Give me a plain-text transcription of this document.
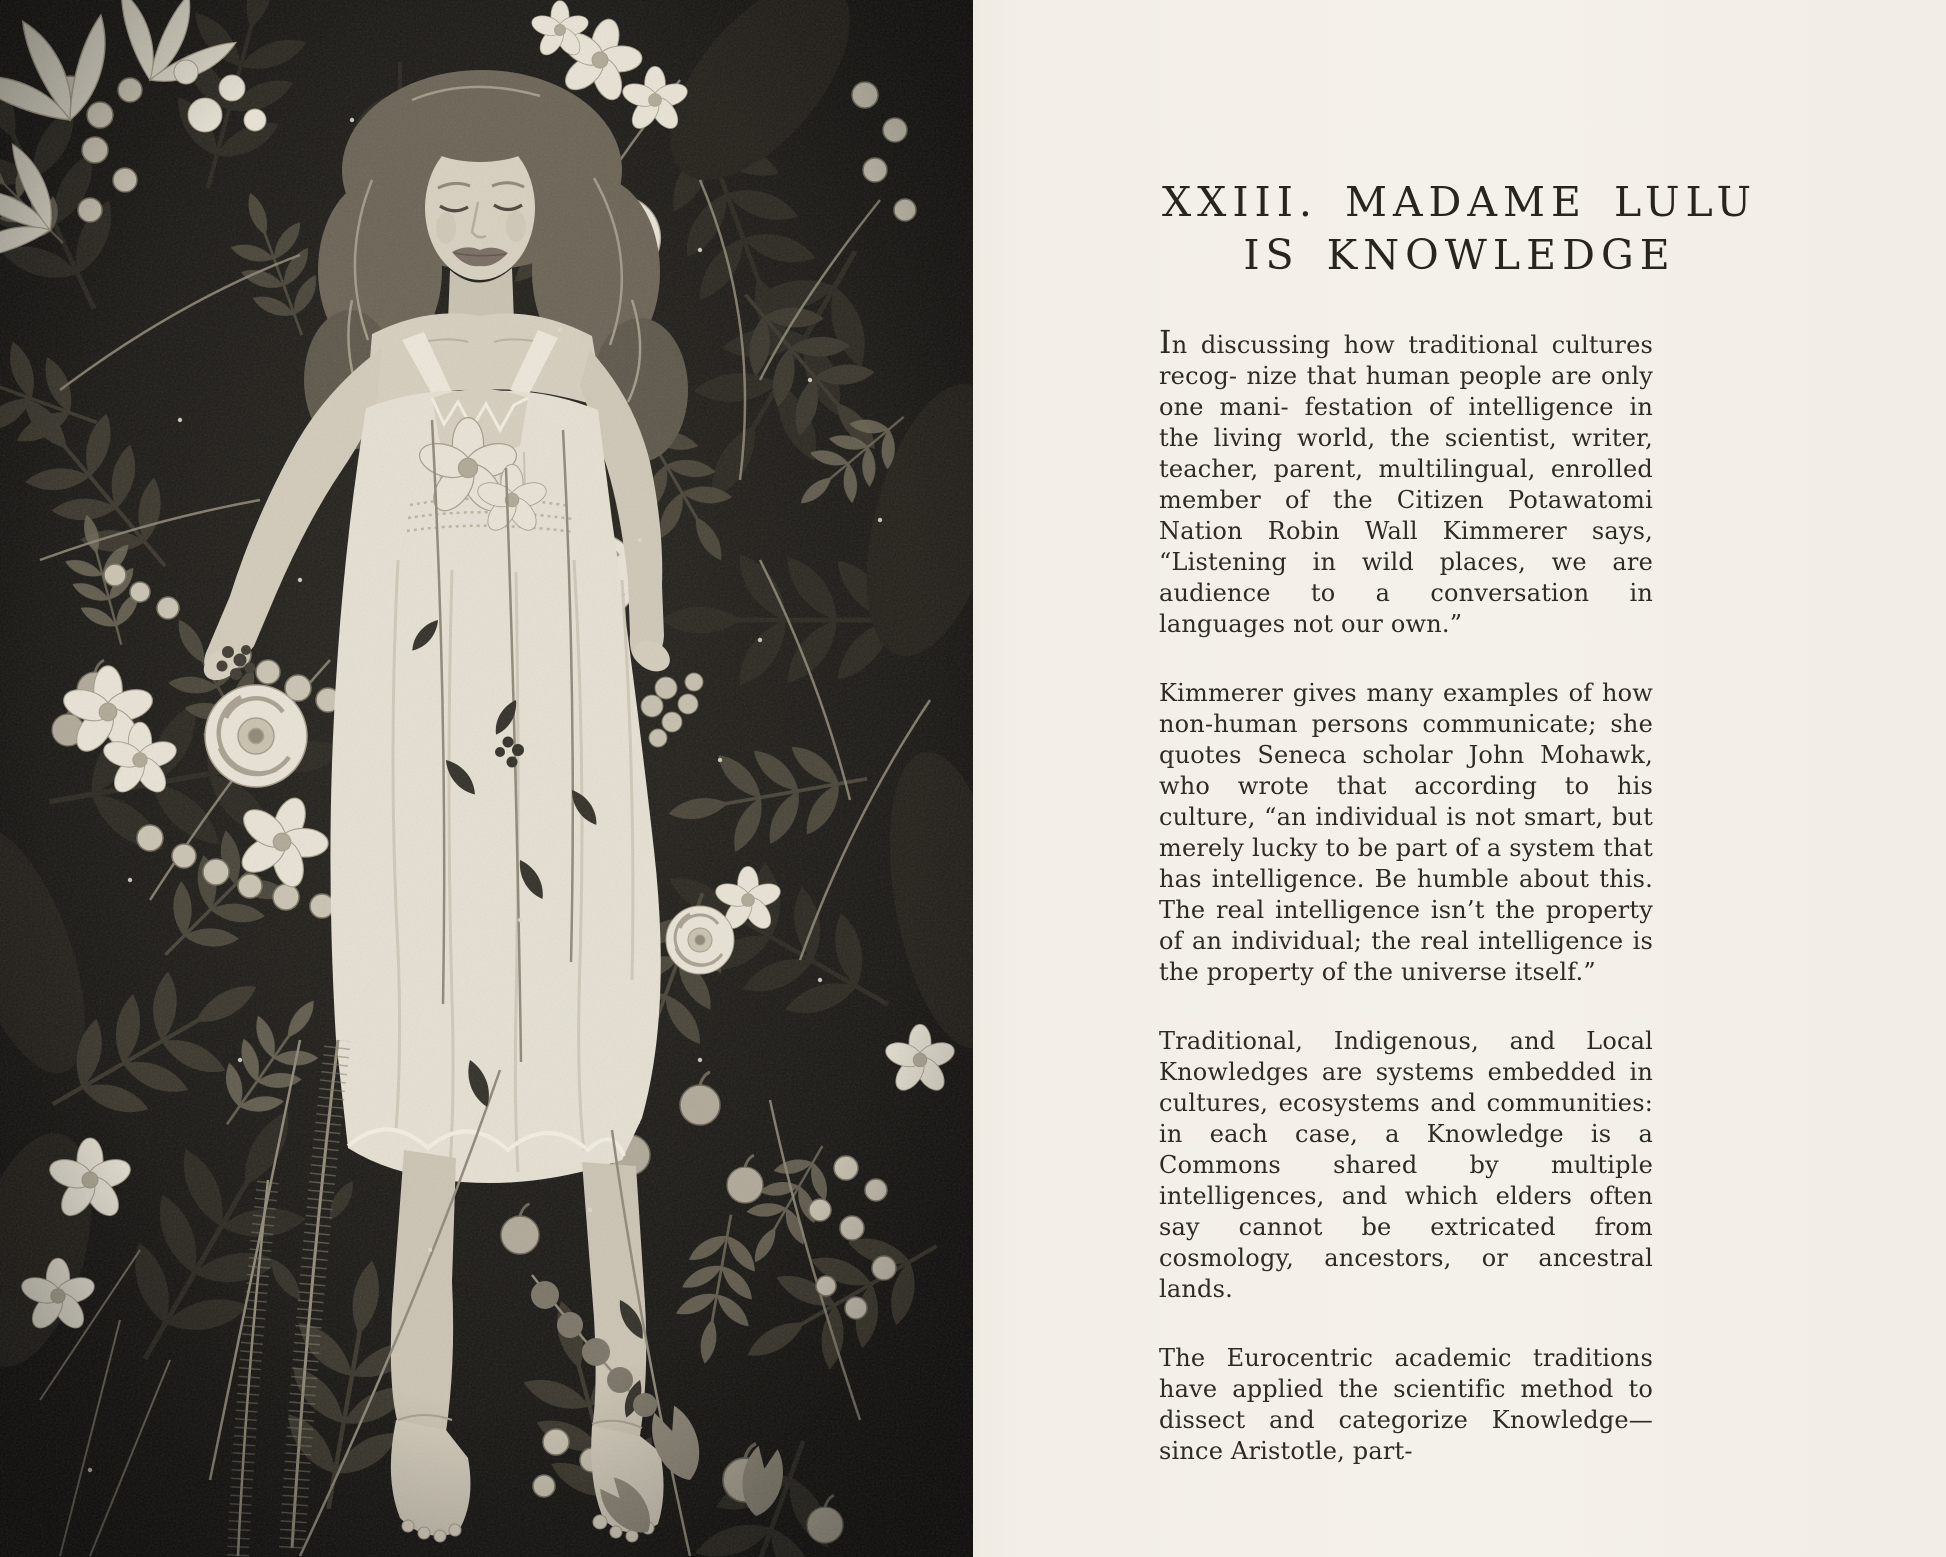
XXIII. MADAME LULU
IS KNOWLEDGE

In discussing how traditional cultures recog- nize that human people are only one mani- festation of intelligence in the living world, the scientist, writer, teacher, parent, multilingual, enrolled member of the Citizen Potawatomi Nation Robin Wall Kimmerer says, “Listening in wild places, we are audience to a conversation in languages not our own.”

Kimmerer gives many examples of how non-human persons communicate; she quotes Seneca scholar John Mohawk, who wrote that according to his culture, “an individual is not smart, but merely lucky to be part of a system that has intelligence. Be humble about this. The real intelligence isn’t the property of an individual; the real intelligence is the property of the universe itself.”

Traditional, Indigenous, and Local Knowledges are systems embedded in cultures, ecosystems and communities: in each case, a Knowledge is a Commons shared by multiple intelligences, and which elders often say cannot be extricated from cosmology, ancestors, or ancestral lands.

The Eurocentric academic traditions have applied the scientific method to dissect and categorize Knowledge—since Aristotle, part-
